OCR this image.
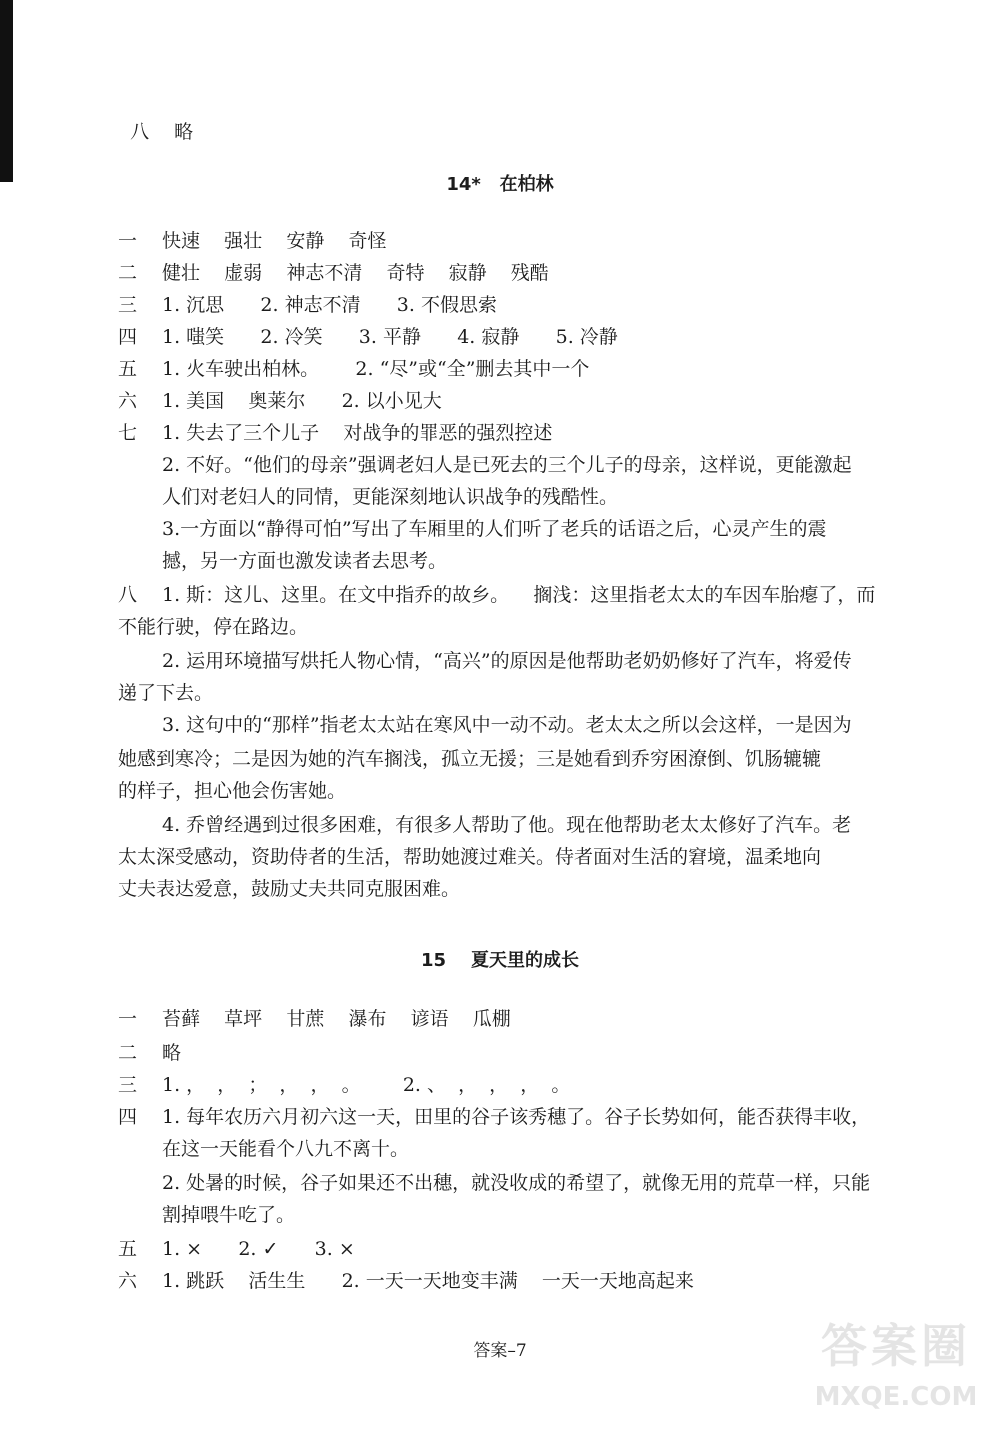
八 略

14*   在柏林
一 快速    强壮    安静    奇怪
二 健壮    虚弱    神志不清    奇特    寂静    残酷
三 1. 沉思      2. 神志不清      3. 不假思索
四 1. 嗤笑      2. 冷笑      3. 平静      4. 寂静      5. 冷静
五 1. 火车驶出柏林。      2. “尽”或“全”删去其中一个
六 1. 美国    奥莱尔      2. 以小见大
七 1. 失去了三个儿子    对战争的罪恶的强烈控述
2. 不好。“他们的母亲”强调老妇人是已死去的三个儿子的母亲，这样说，更能激起
人们对老妇人的同情，更能深刻地认识战争的残酷性。
3.一方面以“静得可怕”写出了车厢里的人们听了老兵的话语之后，心灵产生的震
撼，另一方面也激发读者去思考。
八 1. 斯：这儿、这里。在文中指乔的故乡。    搁浅：这里指老太太的车因车胎瘪了，而
不能行驶，停在路边。
2. 运用环境描写烘托人物心情，“高兴”的原因是他帮助老奶奶修好了汽车，将爱传
递了下去。
3. 这句中的“那样”指老太太站在寒风中一动不动。老太太之所以会这样，一是因为
她感到寒冷；二是因为她的汽车搁浅，孤立无援；三是她看到乔穷困潦倒、饥肠辘辘
的样子，担心他会伤害她。
4. 乔曾经遇到过很多困难，有很多人帮助了他。现在他帮助老太太修好了汽车。老
太太深受感动，资助侍者的生活，帮助她渡过难关。侍者面对生活的窘境，温柔地向
丈夫表达爱意，鼓励丈夫共同克服困难。
15    夏天里的成长
一 苔藓    草坪    甘蔗    瀑布    谚语    瓜棚
二 略
三 1. ，  ，  ；  ，  ，  。       2. 、  ，  ，  ，  。
四 1. 每年农历六月初六这一天，田里的谷子该秀穗了。谷子长势如何，能否获得丰收，
在这一天能看个八九不离十。
2. 处暑的时候，谷子如果还不出穗，就没收成的希望了，就像无用的荒草一样，只能
割掉喂牛吃了。
五 1. ×      2. ✓      3. ×
六 1. 跳跃    活生生      2. 一天一天地变丰满    一天一天地高起来
答案–7	答案圈
MXQE.COM
